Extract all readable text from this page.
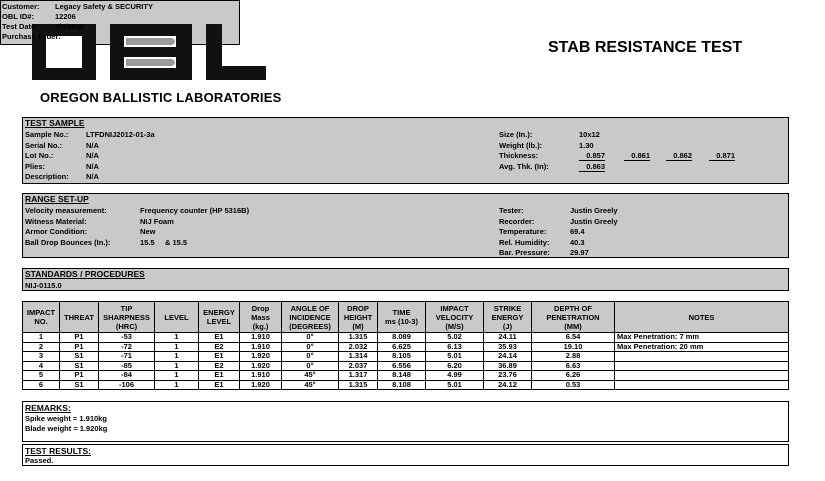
OREGON BALLISTIC LABORATORIES
STAB RESISTANCE TEST
Customer: Legacy Safety & SECURITY
OBL ID#:	12206
Test Date: 3/8/2016
Purchase Order:
TEST SAMPLE
Sample No.: LTFDNIJ2012-01-3a
Serial No.:	N/A
Lot No.:	N/A
Plies:	N/A
Description: N/A
Size (In.):	10x12
Weight (lb.):	1.30
Thickness:	0.857	0.861	0.862	0.871
Avg. Thk. (In):	0.863
RANGE SET-UP
Velocity measurement:	Frequency counter (HP 5316B)
Witness Material:	NIJ Foam
Armor Condition:	New
Ball Drop Bounces (In.):	15.5 & 15.5
Tester:	Justin Greely
Recorder:	Justin Greely
Temperature:	69.4
Rel. Humidity:	40.3
Bar. Pressure:	29.97
STANDARDS / PROCEDURES
NIJ-0115.0
IMPACT
NO.	THREAT	TIP
SHARPNESS
(HRC)	LEVEL	ENERGY
LEVEL	Drop
Mass
(kg.)	ANGLE OF
INCIDENCE
(DEGREES)	DROP
HEIGHT
(M)	TIME
ms (10-3)	IMPACT
VELOCITY
(M/S)	STRIKE
ENERGY
(J)	DEPTH OF
PENETRATION
(MM)	NOTES
1	P1	-53	1	E1	1.910	0°	1.315	8.089	5.02	24.11	6.54	Max Penetration: 7 mm
2	P1	-72	1	E2	1.910	0°	2.032	6.625	6.13	35.93	19.10	Max Penetration: 20 mm
3	S1	-71	1	E1	1.920	0°	1.314	8.105	5.01	24.14	2.88	
4	S1	-85	1	E2	1.920	0°	2.037	6.556	6.20	36.89	6.63	
5	P1	-84	1	E1	1.910	45°	1.317	8.148	4.99	23.76	6.26	
6	S1	-106	1	E1	1.920	45°	1.315	8.108	5.01	24.12	0.53	
REMARKS:
Spike weight = 1.910kg
Blade weight = 1.920kg
TEST RESULTS:
Passed.
